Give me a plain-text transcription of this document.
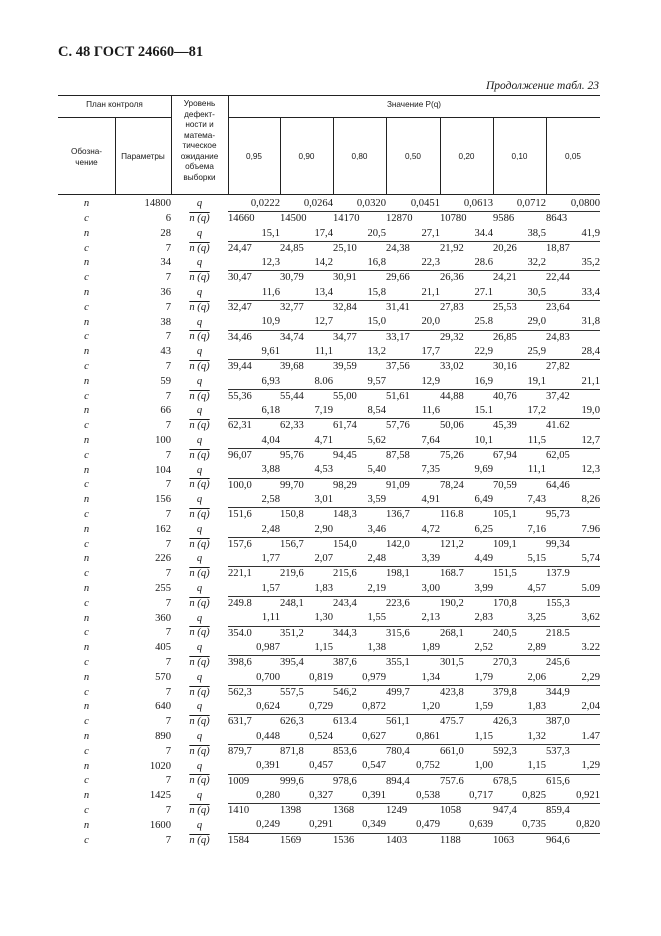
С. 48 ГОСТ 24660—81
Продолжение табл. 23
План контроля	Уровень
дефект-
ности и
матема-
тическое
ожидание
объема
выборки
Значение P(q)
Обозна-
чение
Параметры	0,95	0,90	0,80	0,50	0,20	0,10	0,05
n	14800	q	0,0222	0,0264	0,0320	0,0451	0,0613	0,0712	0,0800
c	6	n (q)	14660	14500	14170	12870	10780	9586	8643
n	28	q	15,1	17,4	20,5	27,1	34.4	38,5	41,9
c	7	n (q)	24,47	24,85	25,10	24,38	21,92	20,26	18,87
n	34	q	12,3	14,2	16,8	22,3	28.6	32,2	35,2
c	7	n (q)	30,47	30,79	30,91	29,66	26,36	24,21	22,44
n	36	q	11,6	13,4	15,8	21,1	27.1	30,5	33,4
c	7	n (q)	32,47	32,77	32,84	31,41	27,83	25,53	23,64
n	38	q	10,9	12,7	15,0	20,0	25.8	29,0	31,8
c	7	n (q)	34,46	34,74	34,77	33,17	29,32	26,85	24,83
n	43	q	9,61	11,1	13,2	17,7	22,9	25,9	28,4
c	7	n (q)	39,44	39,68	39,59	37,56	33,02	30,16	27,82
n	59	q	6,93	8.06	9,57	12,9	16,9	19,1	21,1
c	7	n (q)	55,36	55,44	55,00	51,61	44,88	40,76	37,42
n	66	q	6,18	7,19	8,54	11,6	15.1	17,2	19,0
c	7	n (q)	62,31	62,33	61,74	57,76	50,06	45,39	41.62
n	100	q	4,04	4,71	5,62	7,64	10,1	11,5	12,7
c	7	n (q)	96,07	95,76	94,45	87,58	75,26	67,94	62,05
n	104	q	3,88	4,53	5,40	7,35	9,69	11,1	12,3
c	7	n (q)	100,0	99,70	98,29	91,09	78,24	70,59	64,46
n	156	q	2,58	3,01	3,59	4,91	6,49	7,43	8,26
c	7	n (q)	151,6	150,8	148,3	136,7	116.8	105,1	95,73
n	162	q	2,48	2,90	3,46	4,72	6,25	7,16	7.96
c	7	n (q)	157,6	156,7	154,0	142,0	121,2	109,1	99,34
n	226	q	1,77	2,07	2,48	3,39	4,49	5,15	5,74
c	7	n (q)	221,1	219,6	215,6	198,1	168.7	151,5	137.9
n	255	q	1,57	1,83	2,19	3,00	3,99	4,57	5.09
c	7	n (q)	249.8	248,1	243,4	223,6	190,2	170,8	155,3
n	360	q	1,11	1,30	1,55	2,13	2,83	3,25	3,62
c	7	n (q)	354.0	351,2	344,3	315,6	268,1	240,5	218.5
n	405	q	0,987	1,15	1,38	1,89	2,52	2,89	3.22
c	7	n (q)	398,6	395,4	387,6	355,1	301,5	270,3	245,6
n	570	q	0,700	0,819	0,979	1,34	1,79	2,06	2,29
c	7	n (q)	562,3	557,5	546,2	499,7	423,8	379,8	344,9
n	640	q	0,624	0,729	0,872	1,20	1,59	1,83	2,04
c	7	n (q)	631,7	626,3	613.4	561,1	475.7	426,3	387,0
n	890	q	0,448	0,524	0,627	0,861	1,15	1,32	1.47
c	7	n (q)	879,7	871,8	853,6	780,4	661,0	592,3	537,3
n	1020	q	0,391	0,457	0,547	0,752	1,00	1,15	1,29
c	7	n (q)	1009	999,6	978,6	894,4	757.6	678,5	615,6
n	1425	q	0,280	0,327	0,391	0,538	0,717	0,825	0,921
c	7	n (q)	1410	1398	1368	1249	1058	947,4	859,4
n	1600	q	0,249	0,291	0,349	0,479	0,639	0,735	0,820
c	7	n (q)	1584	1569	1536	1403	1188	1063	964,6
